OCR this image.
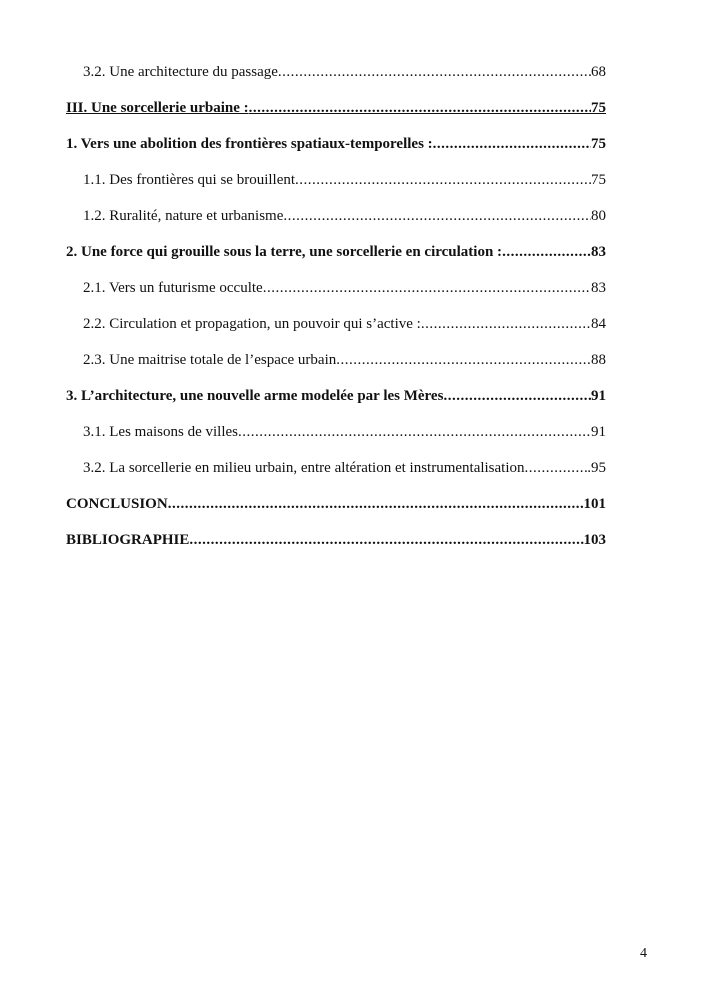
3.2. Une architecture du passage .....	68
III. Une sorcellerie urbaine : .....	75
1. Vers une abolition des frontières spatiaux-temporelles : .....	75
1.1. Des frontières qui se brouillent .....	75
1.2. Ruralité, nature et urbanisme .....	80
2. Une force qui grouille sous la terre, une sorcellerie en circulation : .....	83
2.1. Vers un futurisme occulte .....	83
2.2. Circulation et propagation, un pouvoir qui s’active : .....	84
2.3. Une maitrise totale de l’espace urbain .....	88
3. L’architecture, une nouvelle arme modelée par les Mères .....	91
3.1. Les maisons de villes .....	91
3.2. La sorcellerie en milieu urbain, entre altération et instrumentalisation .....	.95
CONCLUSION .....	101
BIBLIOGRAPHIE .....	103
4
